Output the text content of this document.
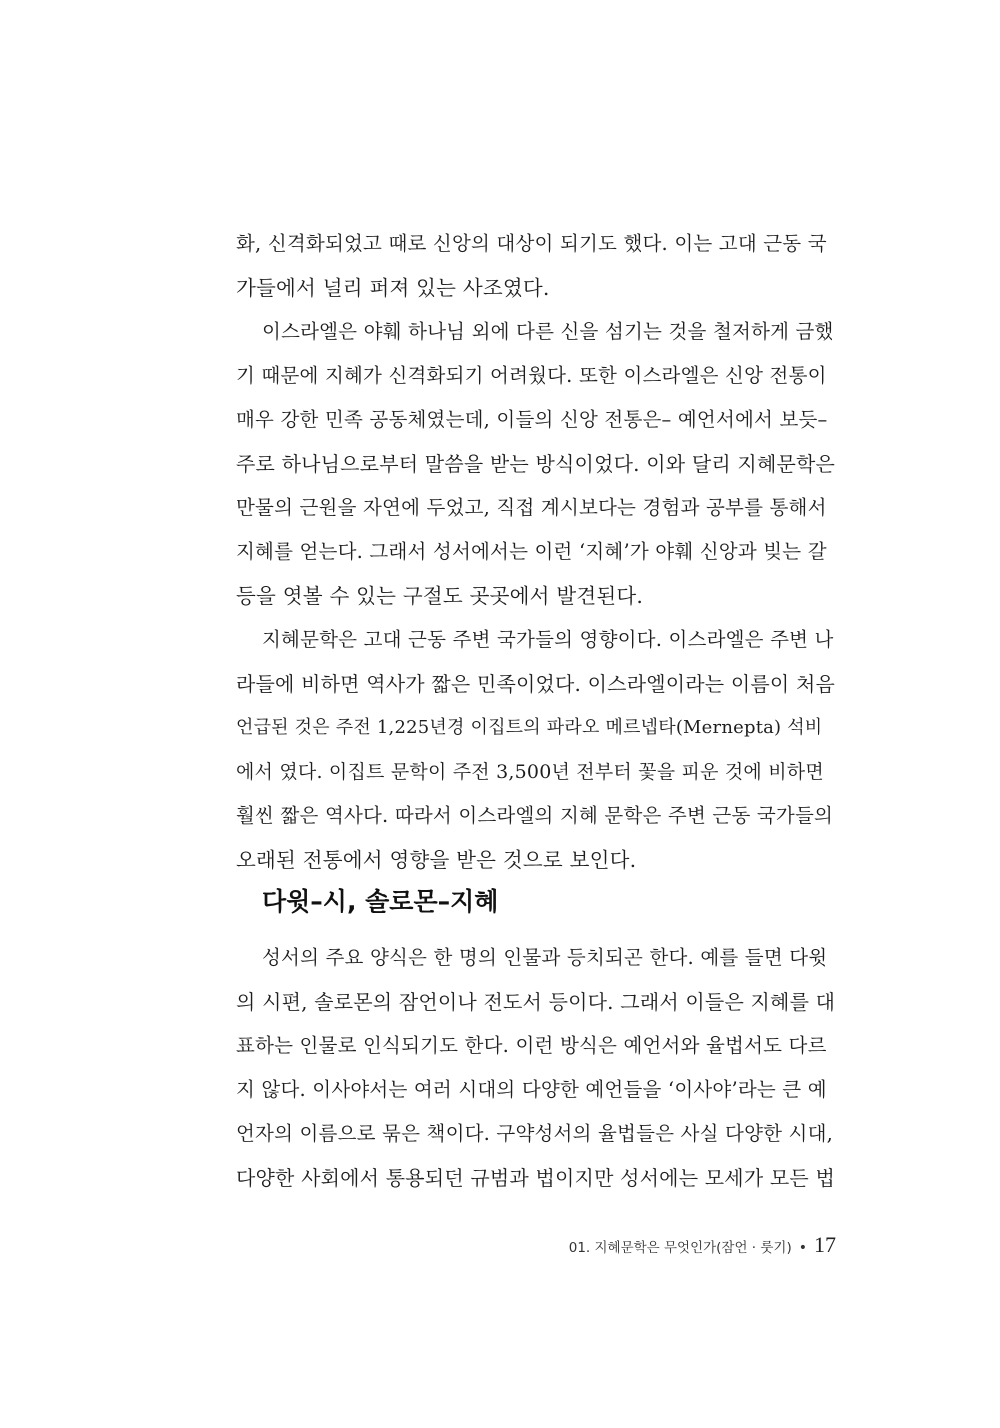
화, 신격화되었고 때로 신앙의 대상이 되기도 했다. 이는 고대 근동 국
가들에서 널리 퍼져 있는 사조였다.
이스라엘은 야훼 하나님 외에 다른 신을 섬기는 것을 철저하게 금했
기 때문에 지혜가 신격화되기 어려웠다. 또한 이스라엘은 신앙 전통이
매우 강한 민족 공동체였는데, 이들의 신앙 전통은– 예언서에서 보듯–
주로 하나님으로부터 말씀을 받는 방식이었다. 이와 달리 지혜문학은
만물의 근원을 자연에 두었고, 직접 계시보다는 경험과 공부를 통해서
지혜를 얻는다. 그래서 성서에서는 이런 ‘지혜’가 야훼 신앙과 빚는 갈
등을 엿볼 수 있는 구절도 곳곳에서 발견된다.
지혜문학은 고대 근동 주변 국가들의 영향이다. 이스라엘은 주변 나
라들에 비하면 역사가 짧은 민족이었다. 이스라엘이라는 이름이 처음
언급된 것은 주전 1,225년경 이집트의 파라오 메르넵타(Mernepta) 석비
에서 였다. 이집트 문학이 주전 3,500년 전부터 꽃을 피운 것에 비하면
훨씬 짧은 역사다. 따라서 이스라엘의 지혜 문학은 주변 근동 국가들의
오래된 전통에서 영향을 받은 것으로 보인다.
다윗–시, 솔로몬–지혜
성서의 주요 양식은 한 명의 인물과 등치되곤 한다. 예를 들면 다윗
의 시편, 솔로몬의 잠언이나 전도서 등이다. 그래서 이들은 지혜를 대
표하는 인물로 인식되기도 한다. 이런 방식은 예언서와 율법서도 다르
지 않다. 이사야서는 여러 시대의 다양한 예언들을 ‘이사야’라는 큰 예
언자의 이름으로 묶은 책이다. 구약성서의 율법들은 사실 다양한 시대,
다양한 사회에서 통용되던 규범과 법이지만 성서에는 모세가 모든 법
01. 지혜문학은 무엇인가(잠언 · 룻기) • 17
